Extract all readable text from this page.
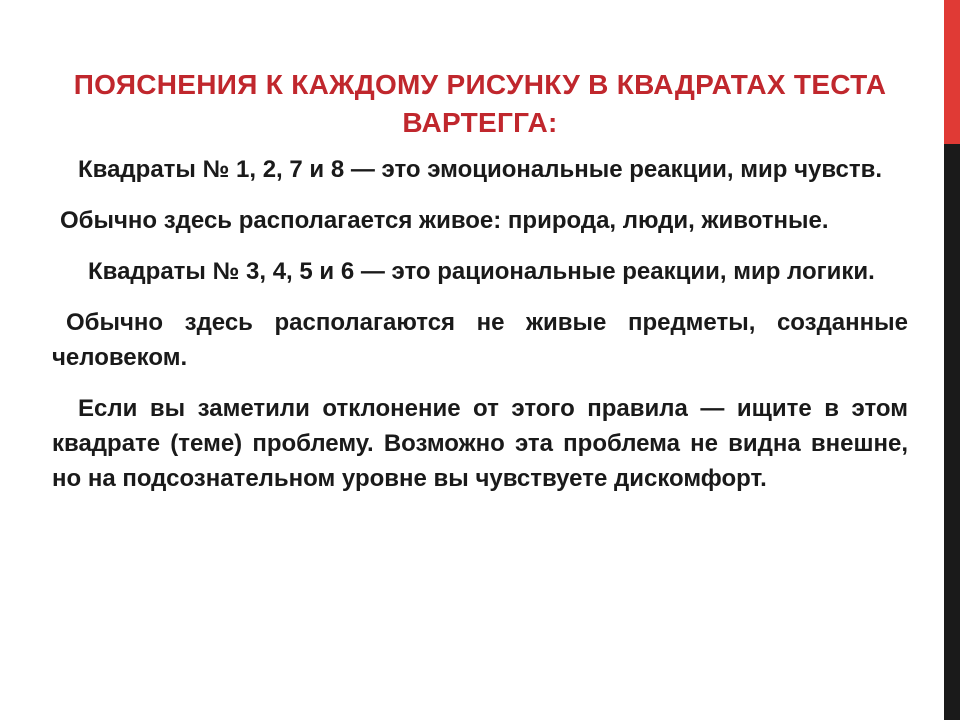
ПОЯСНЕНИЯ К КАЖДОМУ РИСУНКУ В КВАДРАТАХ ТЕСТА ВАРТЕГГА:

Квадраты № 1, 2, 7 и 8 — это эмоциональные реакции, мир чувств.

Обычно здесь располагается живое: природа, люди, животные.

Квадраты № 3, 4, 5 и 6 — это рациональные реакции, мир логики.

Обычно здесь располагаются не живые предметы, созданные человеком.

Если вы заметили отклонение от этого правила — ищите в этом квадрате (теме) проблему. Возможно эта проблема не видна внешне, но на подсознательном уровне вы чувствуете дискомфорт.
